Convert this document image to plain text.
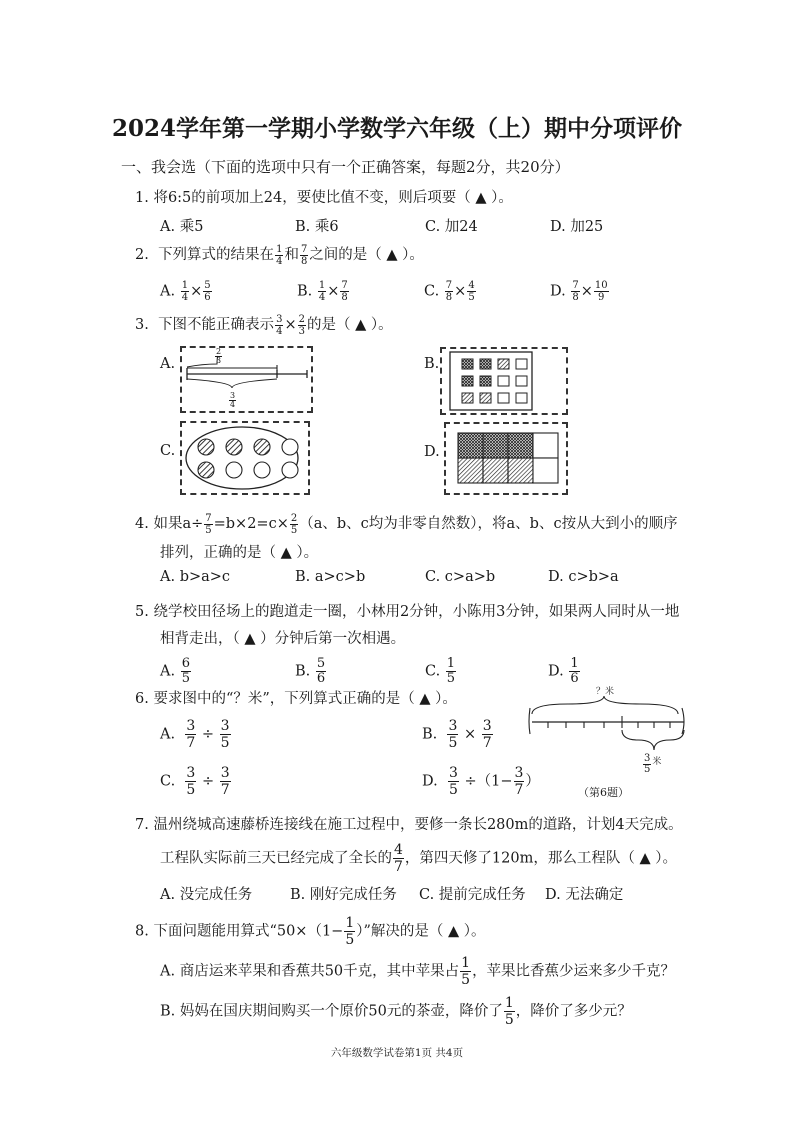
2024学年第一学期小学数学六年级（上）期中分项评价
一、我会选（下面的选项中只有一个正确答案，每题2分，共20分）
1. 将6:5的前项加上24，要使比值不变，则后项要（ ▲ ）。
A. 乘5	B. 乘6	C. 加24	D. 加25
2. 下列算式的结果在 $\frac{1}{4}$ 和 $\frac{7}{8}$ 之间的是（ ▲ ）。
A. $\frac{1}{4} \times \frac{5}{6}$	B. $\frac{1}{4} \times \frac{7}{8}$	C. $\frac{7}{8} \times \frac{4}{5}$	D. $\frac{7}{8} \times \frac{10}{9}$
3. 下图不能正确表示 $\frac{3}{4} \times \frac{2}{3}$ 的是（ ▲ ）。
A.	$\frac{2}{3}$
$\frac{3}{4}$
B.
C.	D.
4. 如果$a\div \frac{7}{5} =b\times 2=c\times \frac{2}{5} (a$、b、c均为非零自然数），将a、b、c按从大到小的顺序
排列，正确的是（ ▲ ）。
A. b>a>c	B. a>c>b	C. c>a>b	D. c>b>a
5. 绕学校田径场上的跑道走一圈，小林用2分钟，小陈用3分钟，如果两人同时从一地
相背走出，（ ▲ ）分钟后第一次相遇。
A. $\frac{6}{5}$	B. $\frac{5}{6}$	C. $\frac{1}{5}$	D. $\frac{1}{6}$
6. 要求图中的“？米”，下列算式正确的是（ ▲ ）。
A. $\frac{3}{7} \div \frac{3}{5}$	B. $\frac{3}{5} \times \frac{3}{7}$
C. $\frac{3}{5} \div \frac{3}{7}$	D. $\frac{3}{5} \div(1- \frac{3}{7}$ ）
？米
$\frac{3}{5} ^米$
（第6题）
7. 温州绕城高速藤桥连接线在施工过程中，要修一条长280m的道路，计划4天完成。
工程队实际前三天已经完成了全长的 $\frac{4}{7}$ ，第四天修了120m，那么工程队（ ▲ ）。
A. 没完成任务	B. 刚好完成任务 C. 提前完成任务 D. 无法确定
8. 下面问题能用算式“$50\times(1- \frac{1}{5}$ ）”解决的是（ ▲ ）。
A. 商店运来苹果和香蕉共50千克，其中苹果占 $\frac{1}{5}$ ，苹果比香蕉少运来多少千克？
B. 妈妈在国庆期间购买一个原价50元的茶壶，降价了 $\frac{1}{5}$ ，降价了多少元？
六年级数学试卷第1页 共4页
